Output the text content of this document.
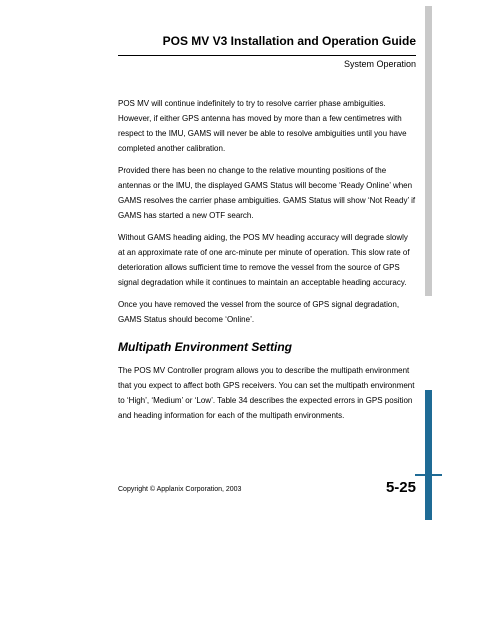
POS MV V3 Installation and Operation Guide
System Operation

POS MV will continue indefinitely to try to resolve carrier phase ambiguities. However, if either GPS antenna has moved by more than a few centimetres with respect to the IMU, GAMS will never be able to resolve ambiguities until you have completed another calibration.

Provided there has been no change to the relative mounting positions of the antennas or the IMU, the displayed GAMS Status will become ‘Ready Online’ when GAMS resolves the carrier phase ambiguities. GAMS Status will show ‘Not Ready’ if GAMS has started a new OTF search.

Without GAMS heading aiding, the POS MV heading accuracy will degrade slowly at an approximate rate of one arc-minute per minute of operation. This slow rate of deterioration allows sufficient time to remove the vessel from the source of GPS signal degradation while it continues to maintain an acceptable heading accuracy.

Once you have removed the vessel from the source of GPS signal degradation, GAMS Status should become ‘Online’.

Multipath Environment Setting

The POS MV Controller program allows you to describe the multipath environment that you expect to affect both GPS receivers. You can set the multipath environment to ‘High’, ‘Medium’ or ‘Low’. Table 34 describes the expected errors in GPS position and heading information for each of the multipath environments.

Copyright © Applanix Corporation, 2003	5-25
